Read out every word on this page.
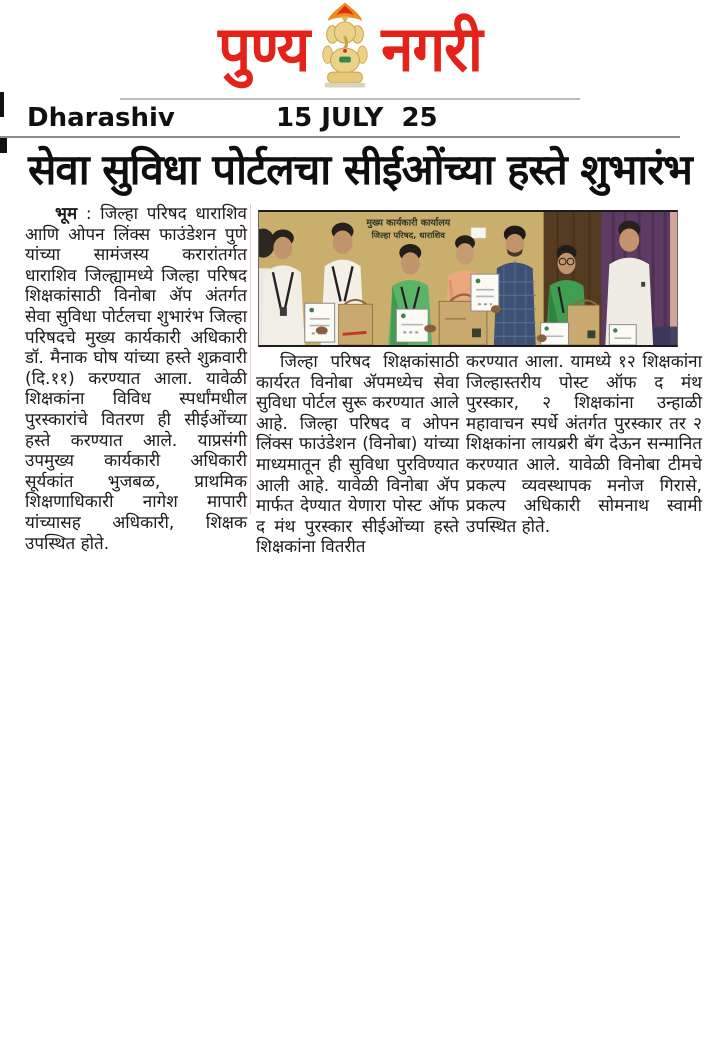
पुण्य नगरी
Dharashiv	15 JULY  25
सेवा सुविधा पोर्टलचा सीईओंच्या हस्ते शुभारंभ
मुख्य कार्यकारी कार्यालय
जिल्हा परिषद, धाराशिव
भूम : जिल्हा परिषद धाराशिव आणि ओपन लिंक्स फाउंडेशन पुणे यांच्या सामंजस्य करारांतर्गत धाराशिव जिल्ह्यामध्ये जिल्हा परिषद शिक्षकांसाठी विनोबा ॲप अंतर्गत सेवा सुविधा पोर्टलचा शुभारंभ जिल्हा परिषदचे मुख्य कार्यकारी अधिकारी डॉ. मैनाक घोष यांच्या हस्ते शुक्रवारी (दि.११) करण्यात आला. यावेळी शिक्षकांना विविध स्पर्धांमधील पुरस्कारांचे वितरण ही सीईओंच्या हस्ते करण्यात आले. याप्रसंगी उपमुख्य कार्यकारी अधिकारी सूर्यकांत भुजबळ, प्राथमिक शिक्षणाधिकारी नागेश मापारी यांच्यासह अधिकारी, शिक्षक उपस्थित होते.
जिल्हा परिषद शिक्षकांसाठी कार्यरत विनोबा ॲपमध्येच सेवा सुविधा पोर्टल सुरू करण्यात आले आहे. जिल्हा परिषद व ओपन लिंक्स फाउंडेशन (विनोबा) यांच्या माध्यमातून ही सुविधा पुरविण्यात आली आहे. यावेळी विनोबा ॲप मार्फत देण्यात येणारा पोस्ट ऑफ द मंथ पुरस्कार सीईओंच्या हस्ते शिक्षकांना वितरीत
करण्यात आला. यामध्ये १२ शिक्षकांना जिल्हास्तरीय पोस्ट ऑफ द मंथ पुरस्कार, २ शिक्षकांना उन्हाळी महावाचन स्पर्धे अंतर्गत पुरस्कार तर २ शिक्षकांना लायब्ररी बॅग देऊन सन्मानित करण्यात आले. यावेळी विनोबा टीमचे प्रकल्प व्यवस्थापक मनोज गिरासे, प्रकल्प अधिकारी सोमनाथ स्वामी उपस्थित होते.
